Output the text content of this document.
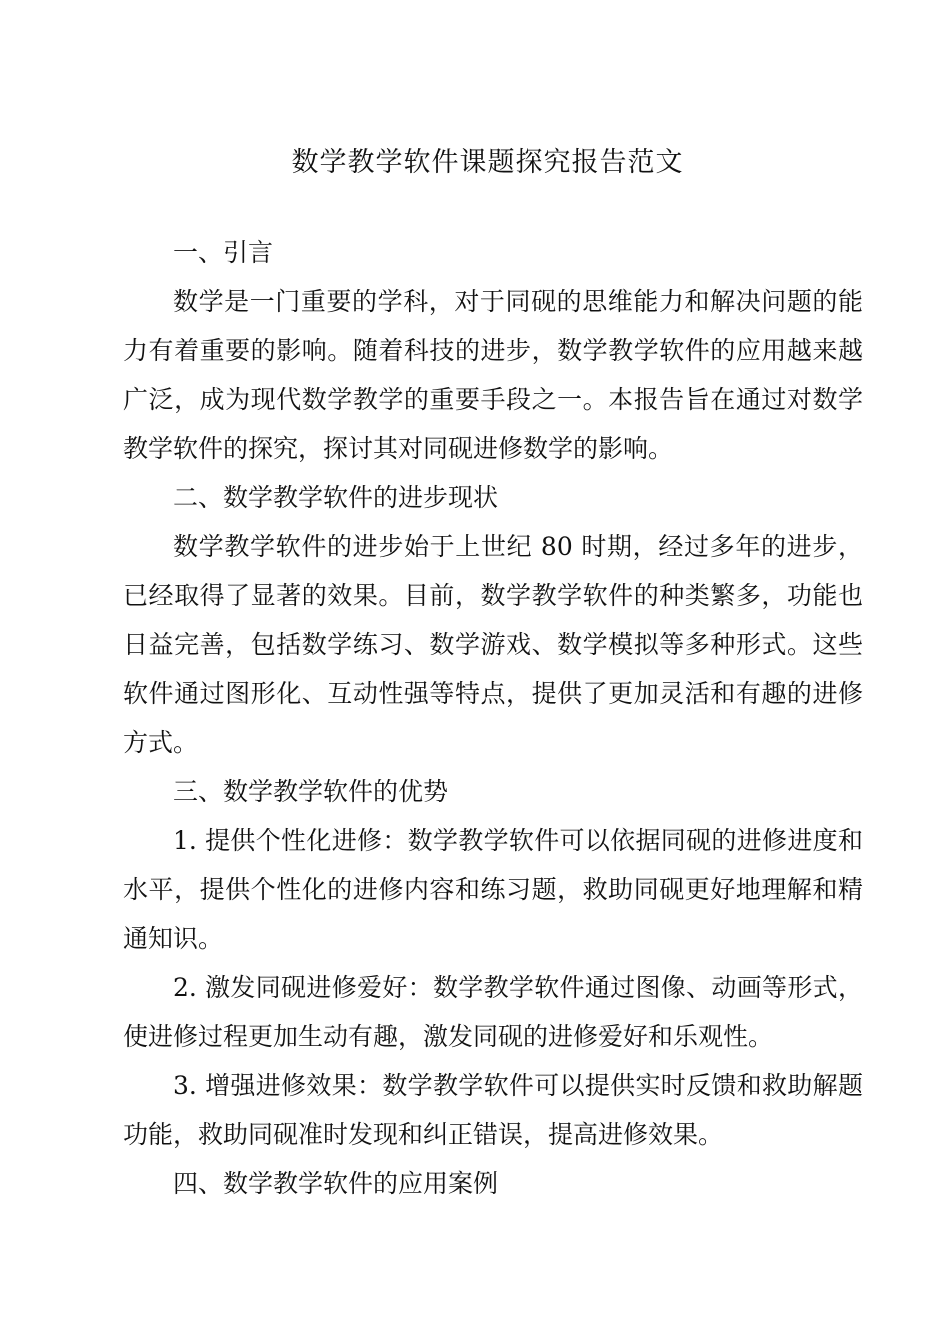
数学教学软件课题探究报告范文

一、引言

数学是一门重要的学科，对于同砚的思维能力和解决问题的能力有着重要的影响。随着科技的进步，数学教学软件的应用越来越广泛，成为现代数学教学的重要手段之一。本报告旨在通过对数学教学软件的探究，探讨其对同砚进修数学的影响。

二、数学教学软件的进步现状

数学教学软件的进步始于上世纪 80 时期，经过多年的进步，已经取得了显著的效果。目前，数学教学软件的种类繁多，功能也日益完善，包括数学练习、数学游戏、数学模拟等多种形式。这些软件通过图形化、互动性强等特点，提供了更加灵活和有趣的进修方式。

三、数学教学软件的优势

1. 提供个性化进修：数学教学软件可以依据同砚的进修进度和水平，提供个性化的进修内容和练习题，救助同砚更好地理解和精通知识。

2. 激发同砚进修爱好：数学教学软件通过图像、动画等形式，使进修过程更加生动有趣，激发同砚的进修爱好和乐观性。

3. 增强进修效果：数学教学软件可以提供实时反馈和救助解题功能，救助同砚准时发现和纠正错误，提高进修效果。

四、数学教学软件的应用案例
